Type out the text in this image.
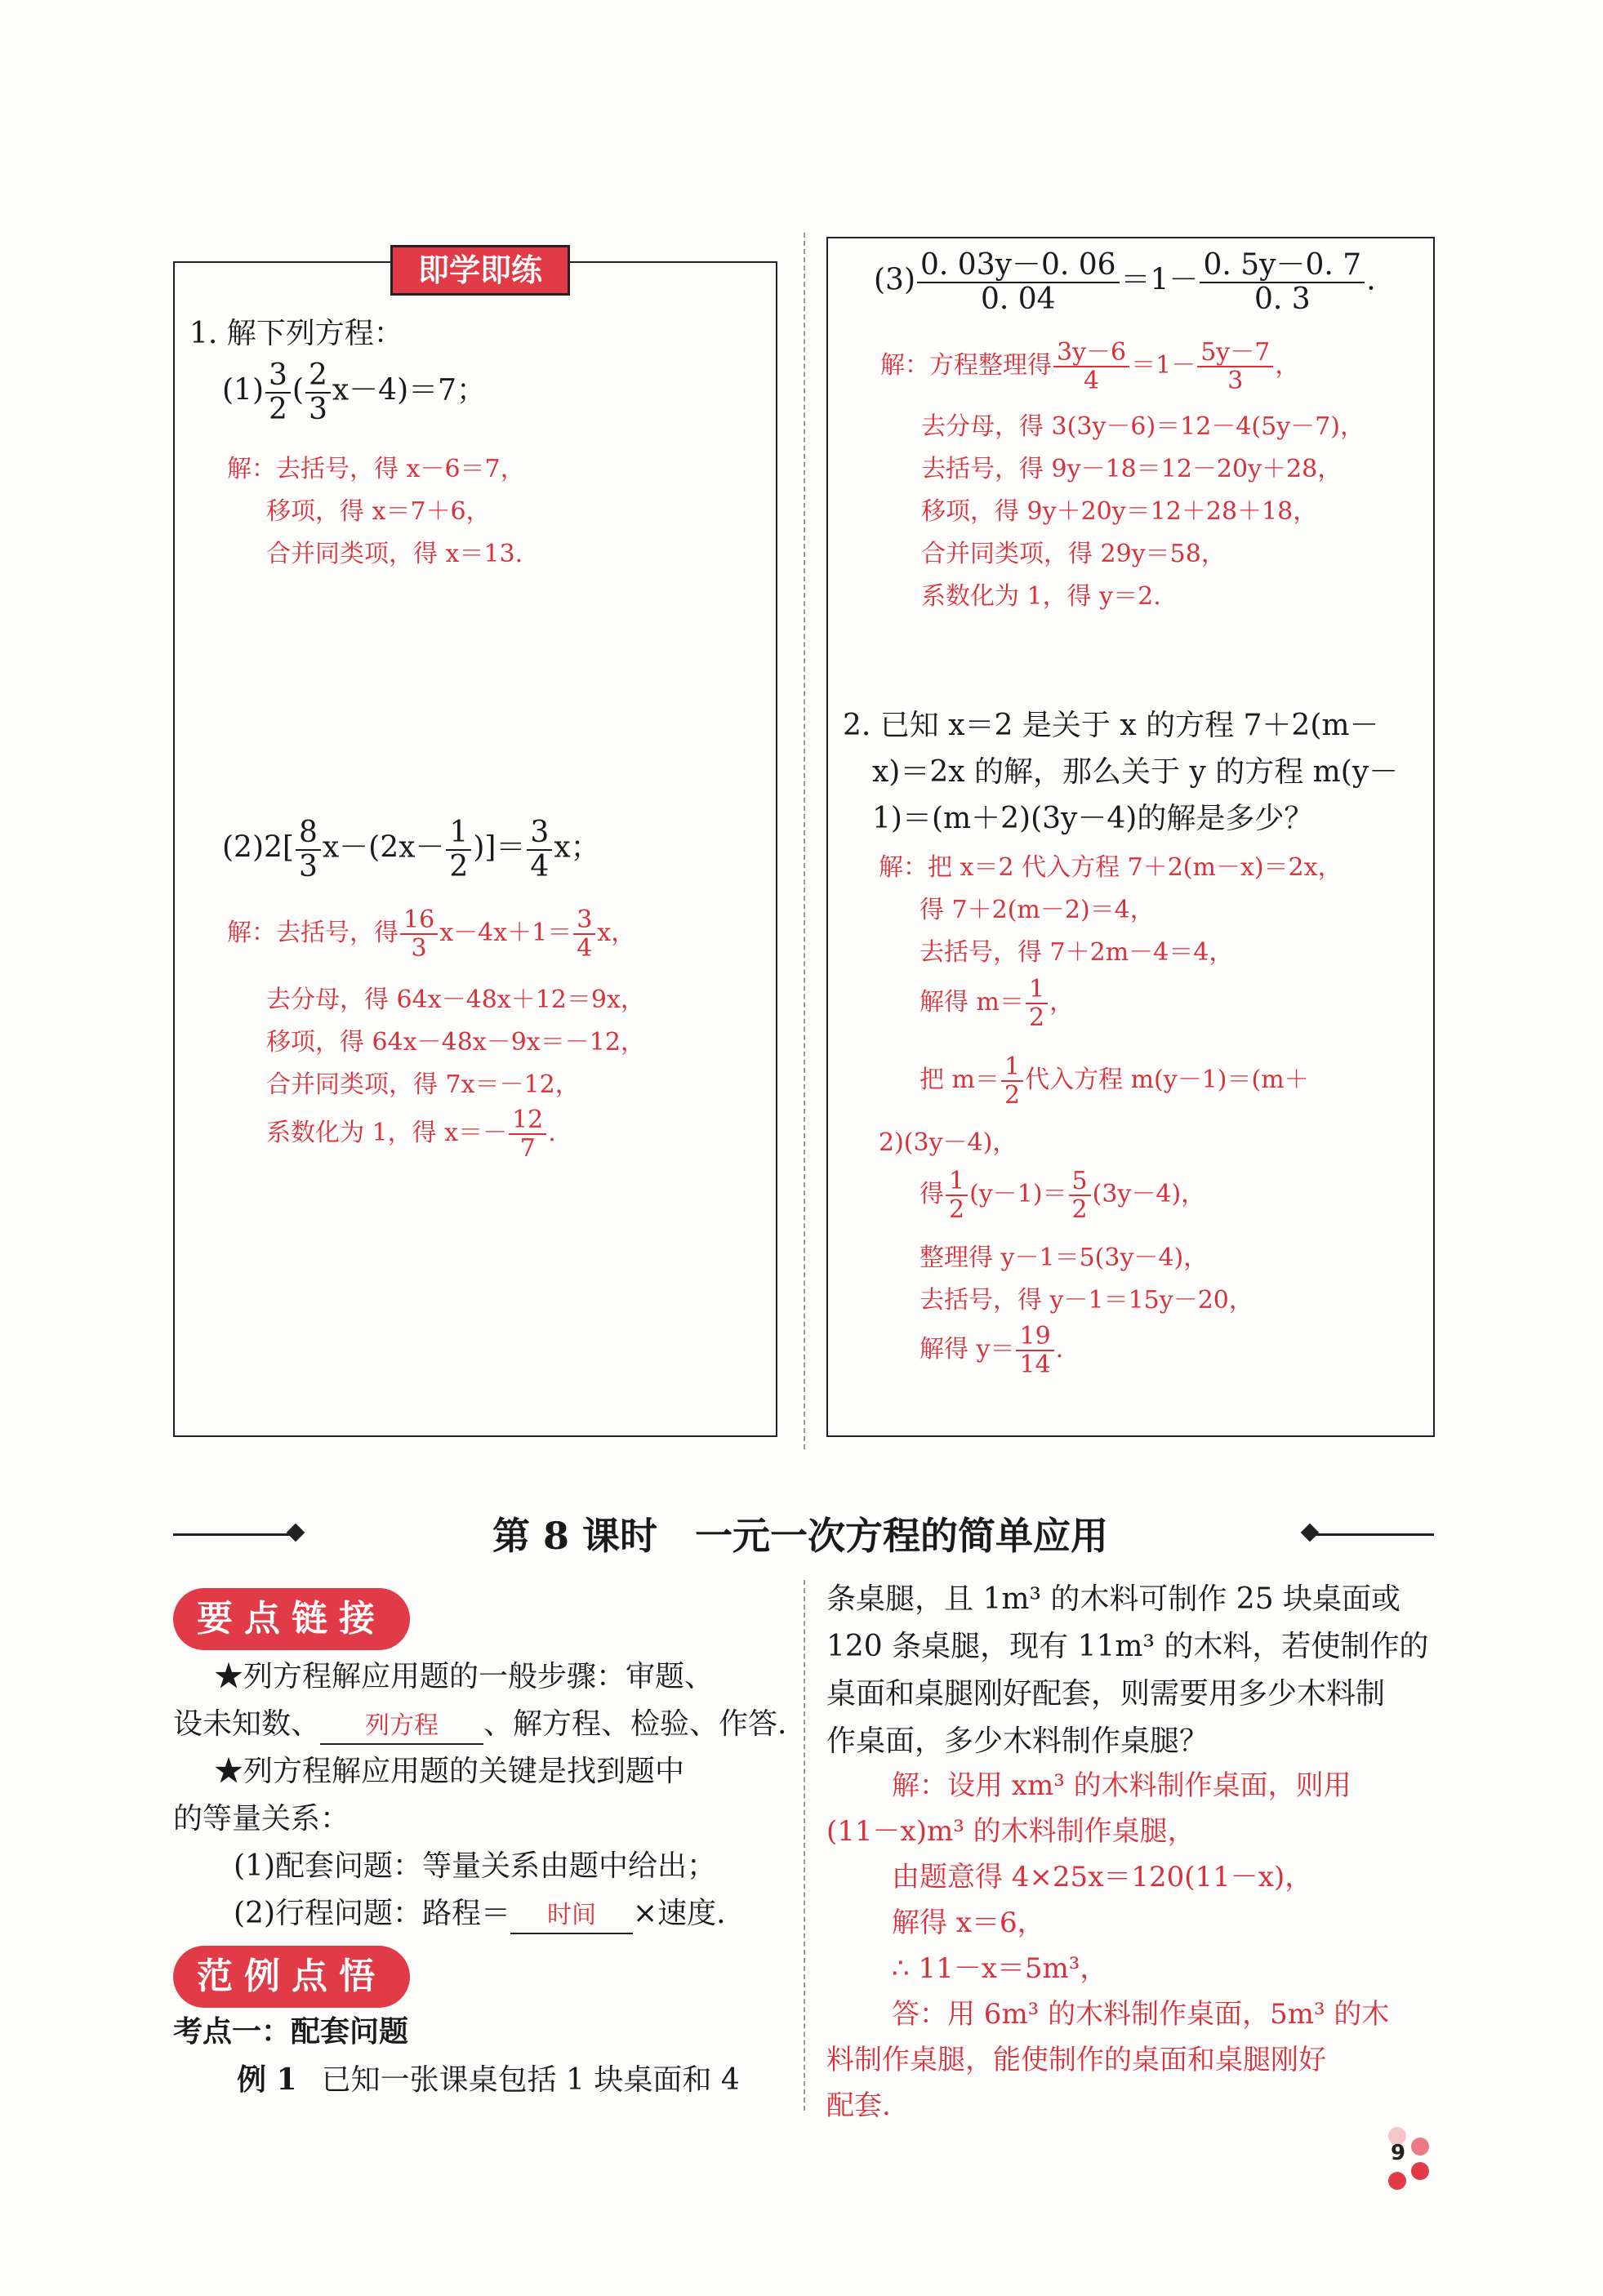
即学即练
1. 解下列方程：
$(1) \frac{3}{2}$ ( $\frac{2}{3} x-4)=7$；
解：去括号，得 x－6＝7，
移项，得 x＝7＋6，
合并同类项，得 x＝13.
$(2)2[ \frac{8}{3} x-(2x- \frac{1}{2}$ )]＝ $\frac{3}{4}$ x；
解：去括号，得 $\frac{16}{3} x-4x+1= \frac{3}{4}$ x，
去分母，得 64x－48x＋12＝9x，
移项，得 64x－48x－9x＝－12，
合并同类项，得 7x＝－12，
系数化为 1，得 $x=- \frac{12}{7}$ .
$(3) \frac{0. 03y-0. 06}{0. 04} =1- \frac{0. 5y-0. 7}{0. 3}$ .
解：方程整理得 $\frac{3y-6}{4} =1- \frac{5y-7}{3}$ ，
去分母，得 3(3y－6)＝12－4(5y－7)，
去括号，得 9y－18＝12－20y＋28，
移项，得 9y＋20y＝12＋28＋18，
合并同类项，得 29y＝58，
系数化为 1，得 y＝2.
2. 已知 x＝2 是关于 x 的方程 7＋2(m－
x)＝2x 的解，那么关于 y 的方程 m(y－
1)＝(m＋2)(3y－4)的解是多少？
解：把 x＝2 代入方程 7＋2(m－x)＝2x，
得 7＋2(m－2)＝4，
去括号，得 7＋2m－4＝4，
解得 $m= \frac{1}{2}$ ，
把 $m= \frac{1}{2}$ 代入方程 m(y－1)＝(m＋
2)(3y－4)，
得 $\frac{1}{2} (y-1)= \frac{5}{2} (3y-4)$，
整理得 y－1＝5(3y－4)，
去括号，得 y－1＝15y－20，
解得 $y= \frac{19}{14}$ .
第 8 课时　一元一次方程的简单应用
要点链接
★列方程解应用题的一般步骤：审题、
设未知数、 列方程 、解方程、检验、作答.
★列方程解应用题的关键是找到题中
的等量关系：
(1)配套问题：等量关系由题中给出；
(2)行程问题：路程＝ 时间 ×速度.
范例点悟
考点一：配套问题
例 1 已知一张课桌包括 1 块桌面和 4
条桌腿，且 1m³ 的木料可制作 25 块桌面或
120 条桌腿，现有 11m³ 的木料，若使制作的
桌面和桌腿刚好配套，则需要用多少木料制
作桌面，多少木料制作桌腿？
解：设用 xm³ 的木料制作桌面，则用
(11－x)m³ 的木料制作桌腿，
由题意得 4×25x＝120(11－x)，
解得 x＝6，
∴ 11－x＝5m³，
答：用 6m³ 的木料制作桌面，5m³ 的木
料制作桌腿，能使制作的桌面和桌腿刚好
配套.
9
